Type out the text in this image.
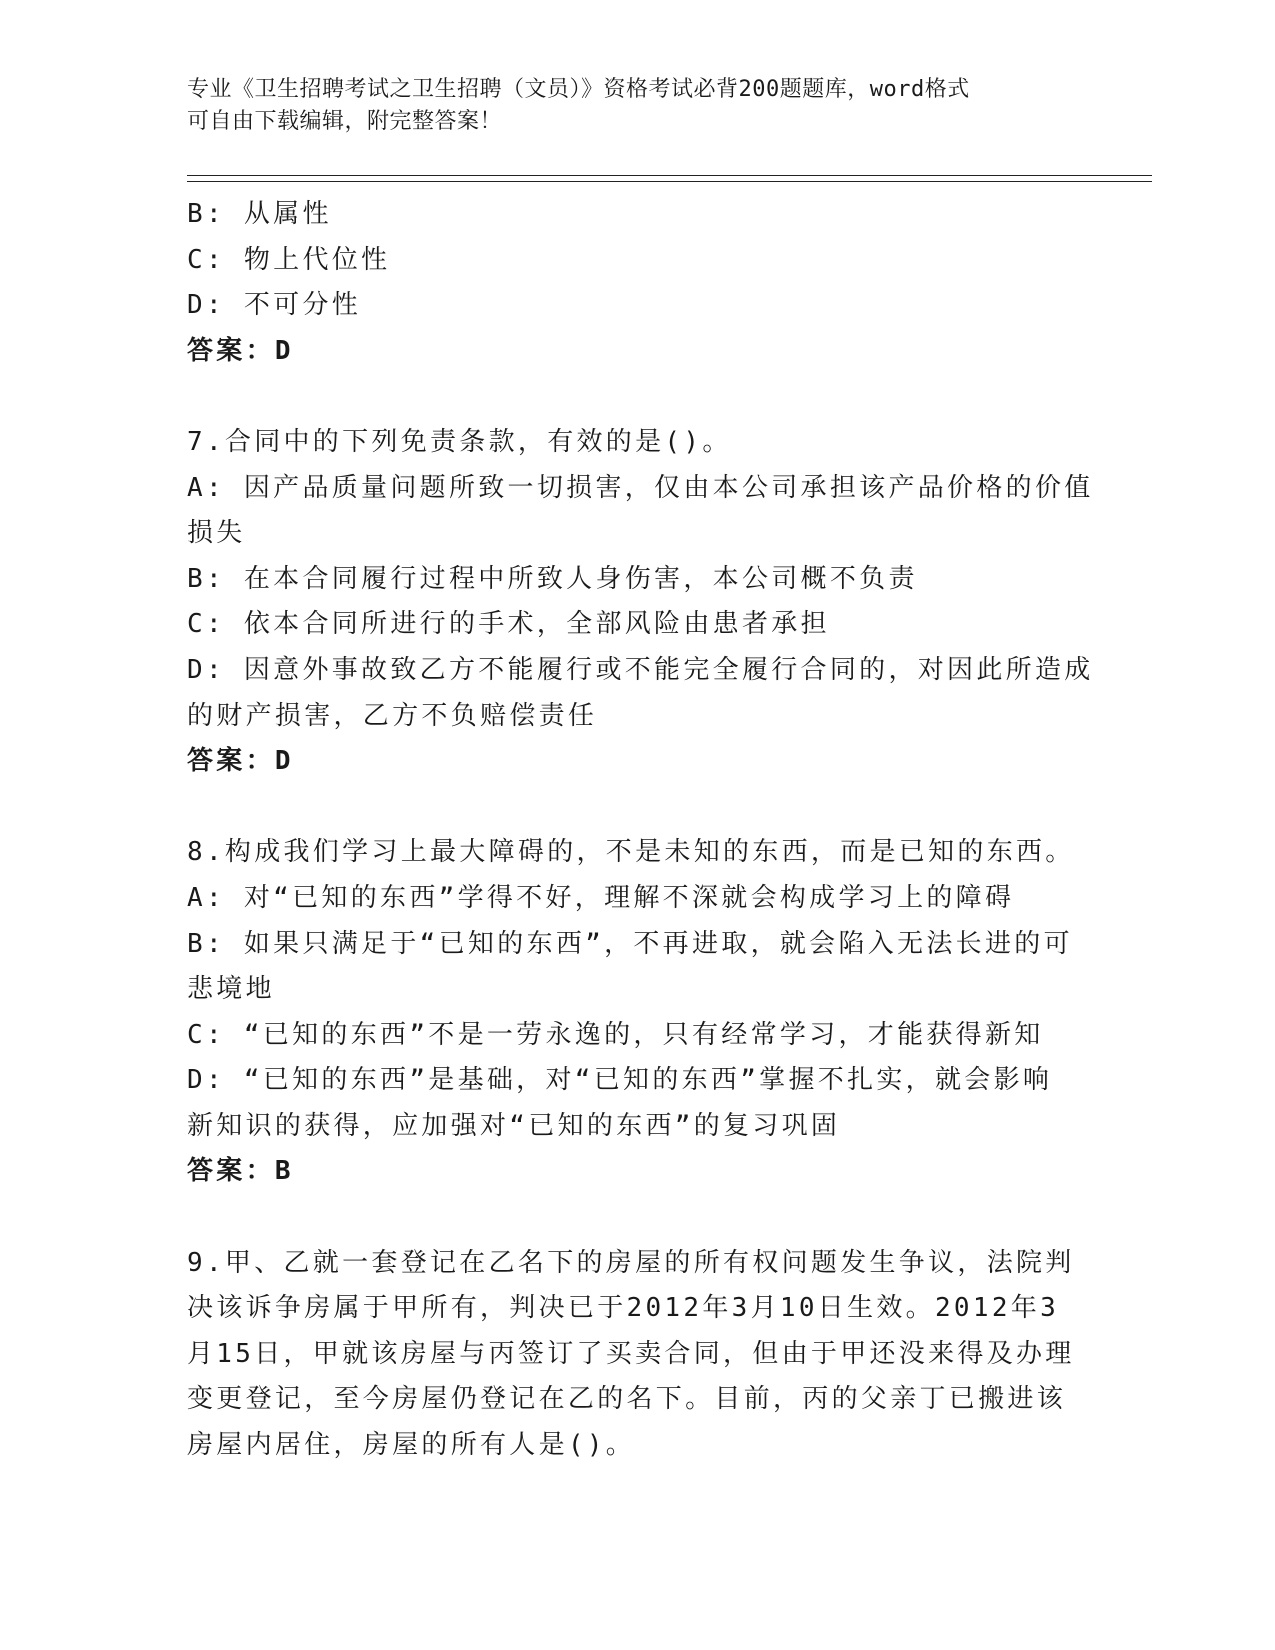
专业《卫生招聘考试之卫生招聘（文员）》资格考试必背200题题库，word格式
可自由下载编辑，附完整答案！
B: 从属性
C: 物上代位性
D: 不可分性
答案：D
7.合同中的下列免责条款，有效的是()。
A: 因产品质量问题所致一切损害，仅由本公司承担该产品价格的价值
损失
B: 在本合同履行过程中所致人身伤害，本公司概不负责
C: 依本合同所进行的手术，全部风险由患者承担
D: 因意外事故致乙方不能履行或不能完全履行合同的，对因此所造成
的财产损害，乙方不负赔偿责任
答案：D
8.构成我们学习上最大障碍的，不是未知的东西，而是已知的东西。
A: 对“已知的东西”学得不好，理解不深就会构成学习上的障碍
B: 如果只满足于“已知的东西”，不再进取，就会陷入无法长进的可
悲境地
C: “已知的东西”不是一劳永逸的，只有经常学习，才能获得新知
D: “已知的东西”是基础，对“已知的东西”掌握不扎实，就会影响
新知识的获得，应加强对“已知的东西”的复习巩固
答案：B
9.甲、乙就一套登记在乙名下的房屋的所有权问题发生争议，法院判
决该诉争房属于甲所有，判决已于2012年3月10日生效。2012年3
月15日，甲就该房屋与丙签订了买卖合同，但由于甲还没来得及办理
变更登记，至今房屋仍登记在乙的名下。目前，丙的父亲丁已搬进该
房屋内居住，房屋的所有人是()。
